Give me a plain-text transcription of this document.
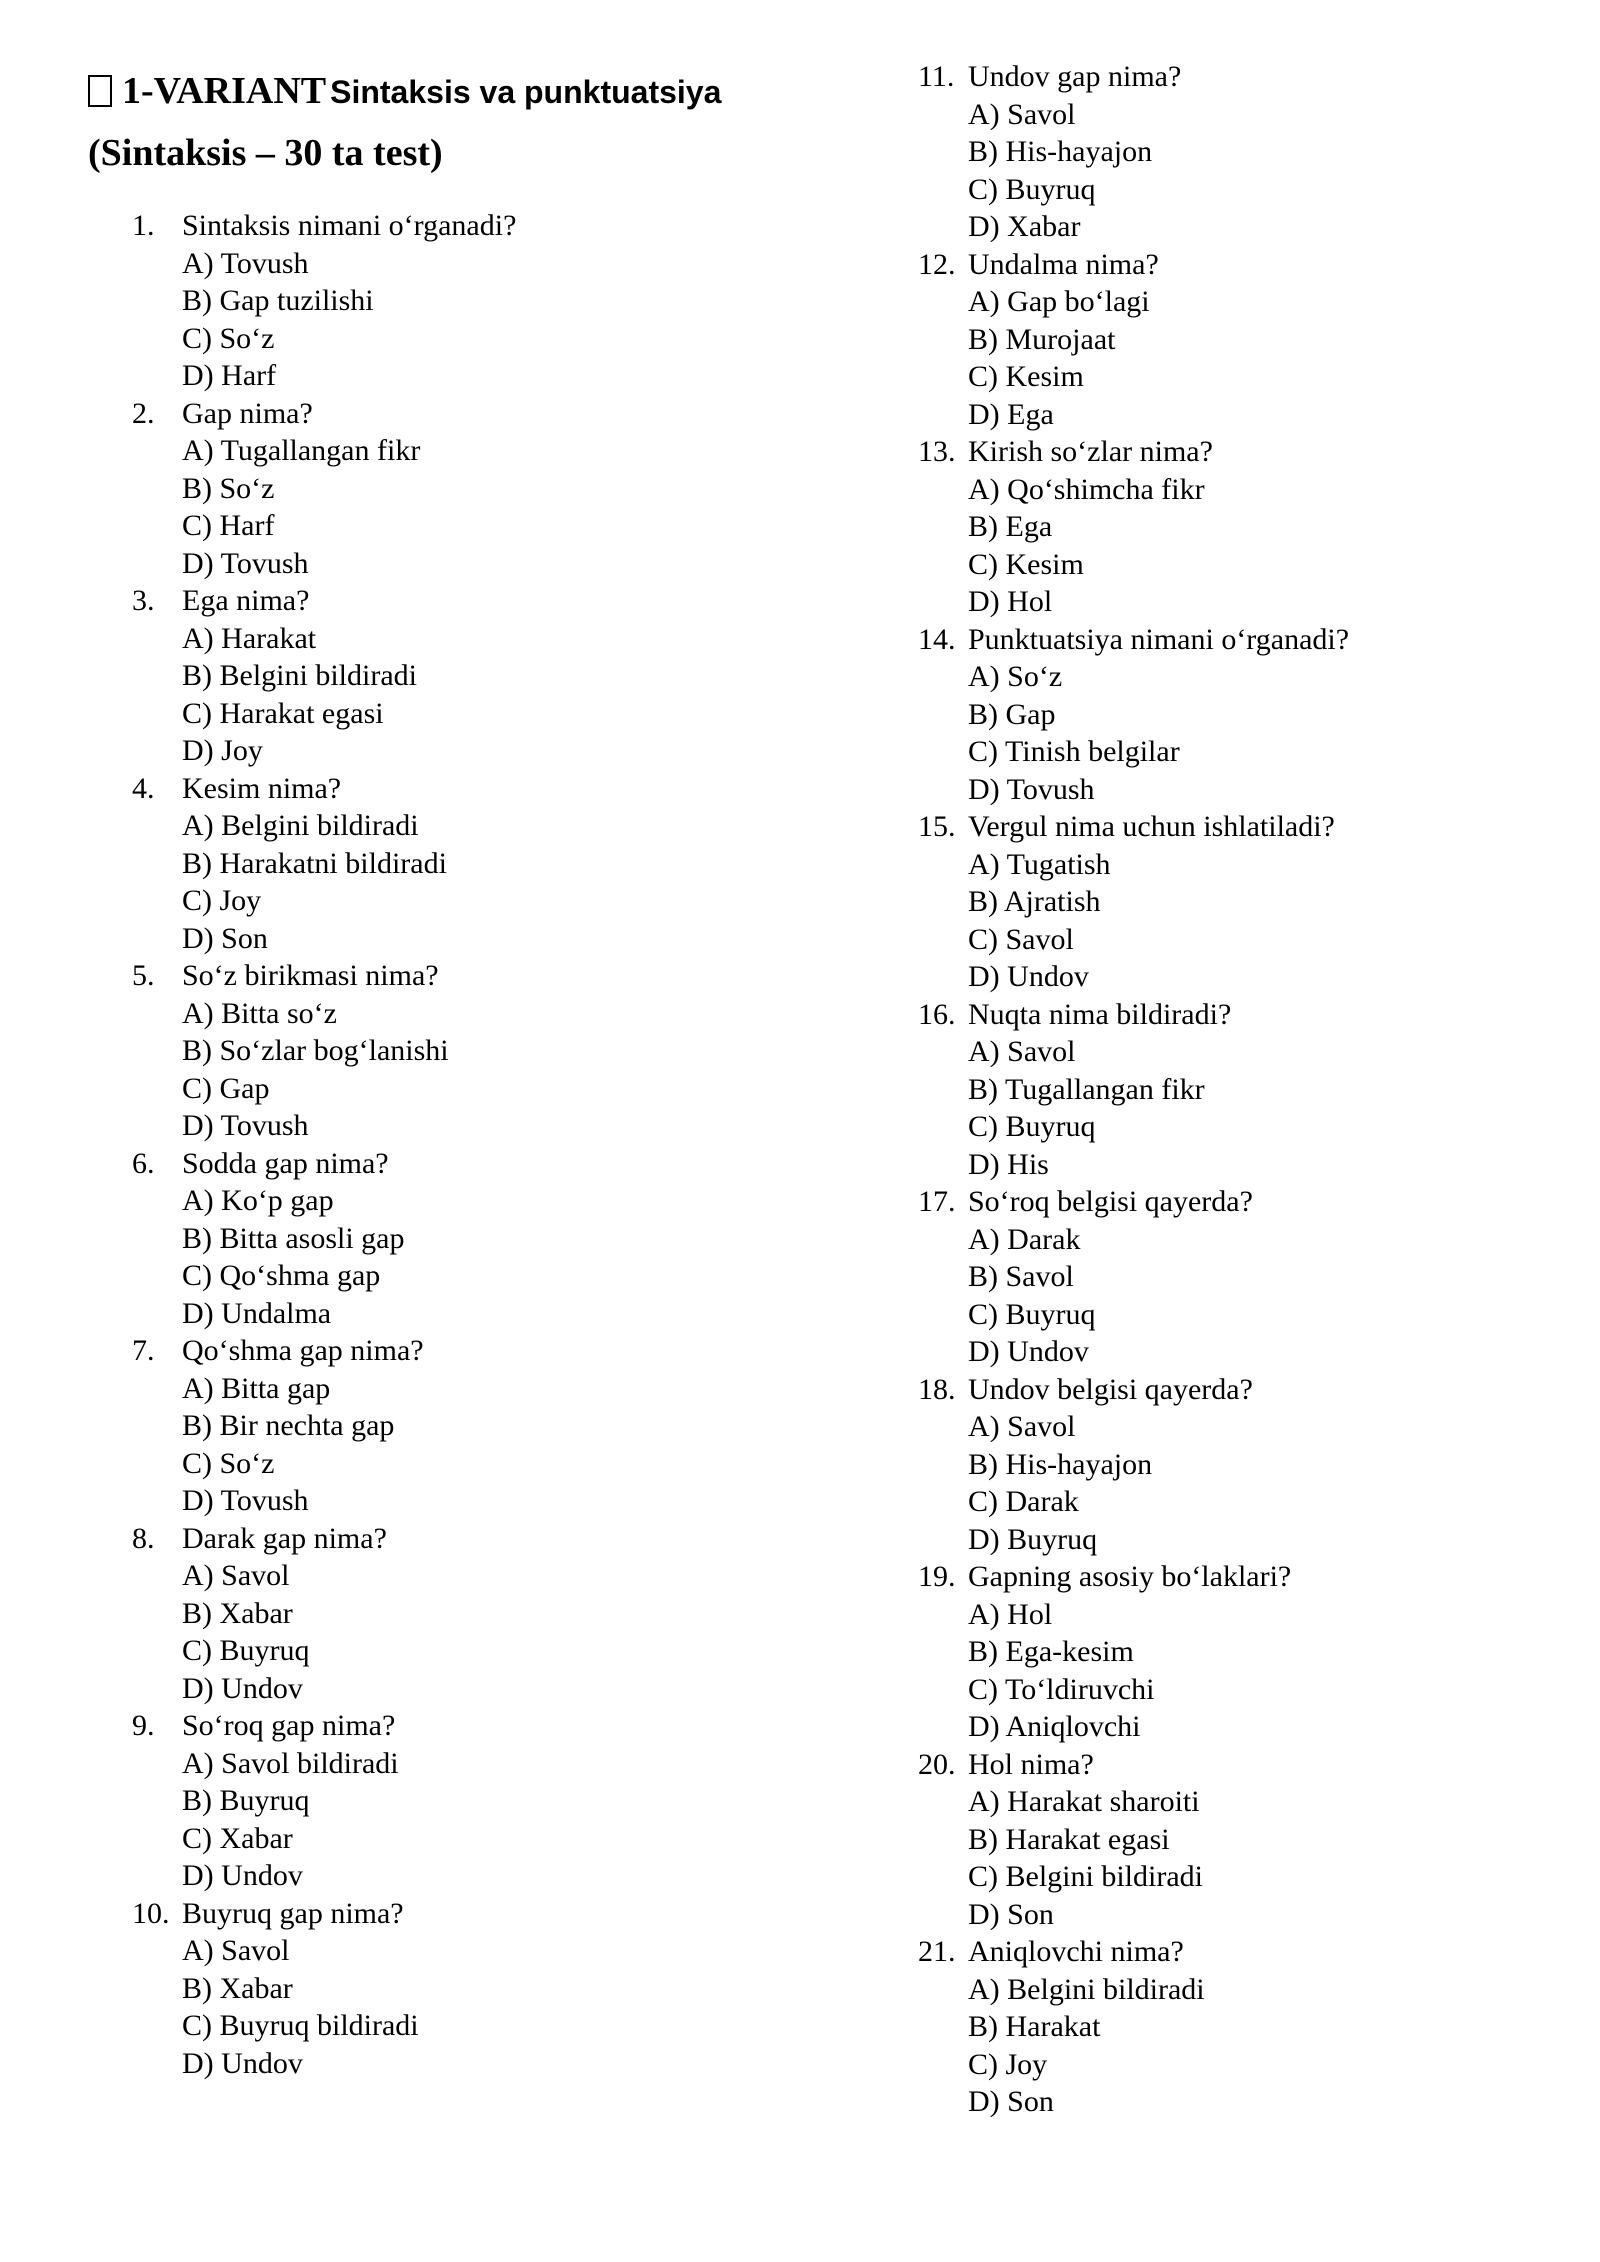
1-VARIANT Sintaksis va punktuatsiya
(Sintaksis – 30 ta test)
1. Sintaksis nimani o‘rganadi?
A) Tovush
B) Gap tuzilishi
C) So‘z
D) Harf
2. Gap nima?
A) Tugallangan fikr
B) So‘z
C) Harf
D) Tovush
3. Ega nima?
A) Harakat
B) Belgini bildiradi
C) Harakat egasi
D) Joy
4. Kesim nima?
A) Belgini bildiradi
B) Harakatni bildiradi
C) Joy
D) Son
5. So‘z birikmasi nima?
A) Bitta so‘z
B) So‘zlar bog‘lanishi
C) Gap
D) Tovush
6. Sodda gap nima?
A) Ko‘p gap
B) Bitta asosli gap
C) Qo‘shma gap
D) Undalma
7. Qo‘shma gap nima?
A) Bitta gap
B) Bir nechta gap
C) So‘z
D) Tovush
8. Darak gap nima?
A) Savol
B) Xabar
C) Buyruq
D) Undov
9. So‘roq gap nima?
A) Savol bildiradi
B) Buyruq
C) Xabar
D) Undov
10. Buyruq gap nima?
A) Savol
B) Xabar
C) Buyruq bildiradi
D) Undov
11. Undov gap nima?
A) Savol
B) His-hayajon
C) Buyruq
D) Xabar
12. Undalma nima?
A) Gap bo‘lagi
B) Murojaat
C) Kesim
D) Ega
13. Kirish so‘zlar nima?
A) Qo‘shimcha fikr
B) Ega
C) Kesim
D) Hol
14. Punktuatsiya nimani o‘rganadi?
A) So‘z
B) Gap
C) Tinish belgilar
D) Tovush
15. Vergul nima uchun ishlatiladi?
A) Tugatish
B) Ajratish
C) Savol
D) Undov
16. Nuqta nima bildiradi?
A) Savol
B) Tugallangan fikr
C) Buyruq
D) His
17. So‘roq belgisi qayerda?
A) Darak
B) Savol
C) Buyruq
D) Undov
18. Undov belgisi qayerda?
A) Savol
B) His-hayajon
C) Darak
D) Buyruq
19. Gapning asosiy bo‘laklari?
A) Hol
B) Ega-kesim
C) To‘ldiruvchi
D) Aniqlovchi
20. Hol nima?
A) Harakat sharoiti
B) Harakat egasi
C) Belgini bildiradi
D) Son
21. Aniqlovchi nima?
A) Belgini bildiradi
B) Harakat
C) Joy
D) Son
